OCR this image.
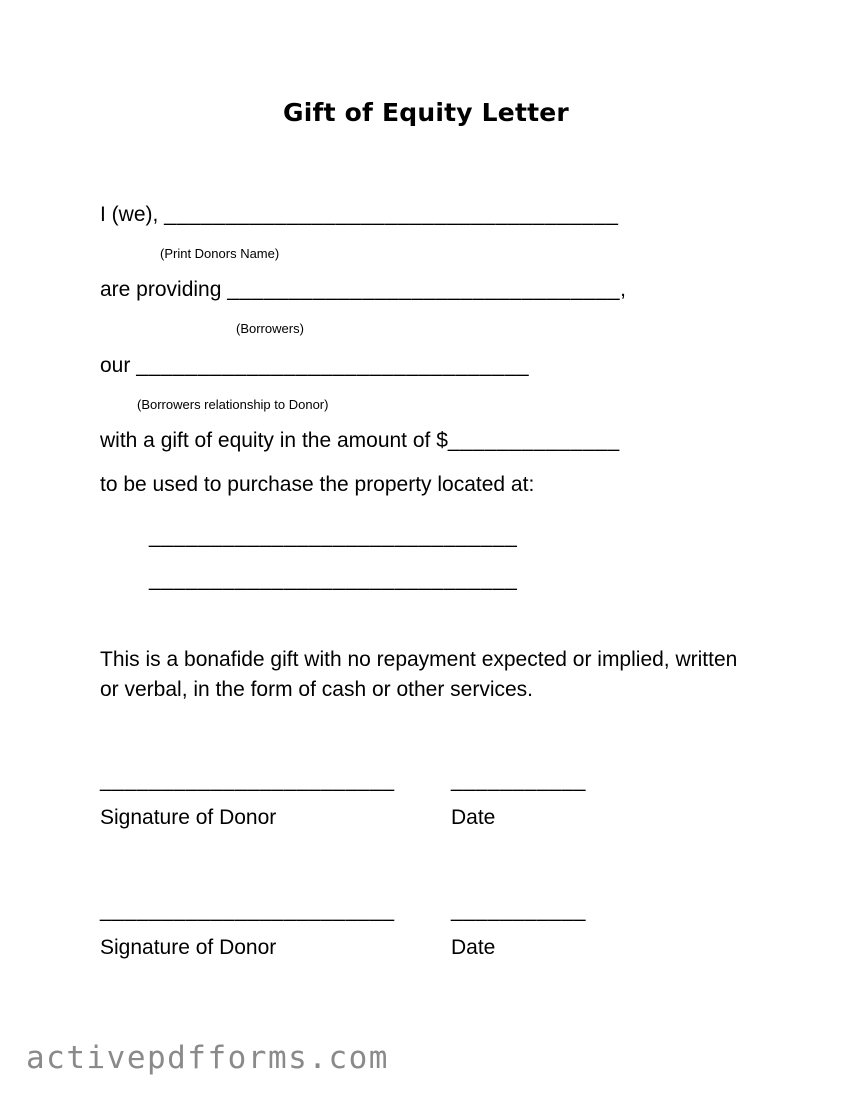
Gift of Equity Letter
I (we), _____________________________________
(Print Donors Name)
are providing ________________________________,
(Borrowers)
our ________________________________
(Borrowers relationship to Donor)
with a gift of equity in the amount of $______________
to be used to purchase the property located at:
______________________________
______________________________
This is a bonafide gift with no repayment expected or implied, written or verbal, in the form of cash or other services.
________________________	___________
Signature of Donor	Date
________________________	___________
Signature of Donor	Date
activepdfforms.com
